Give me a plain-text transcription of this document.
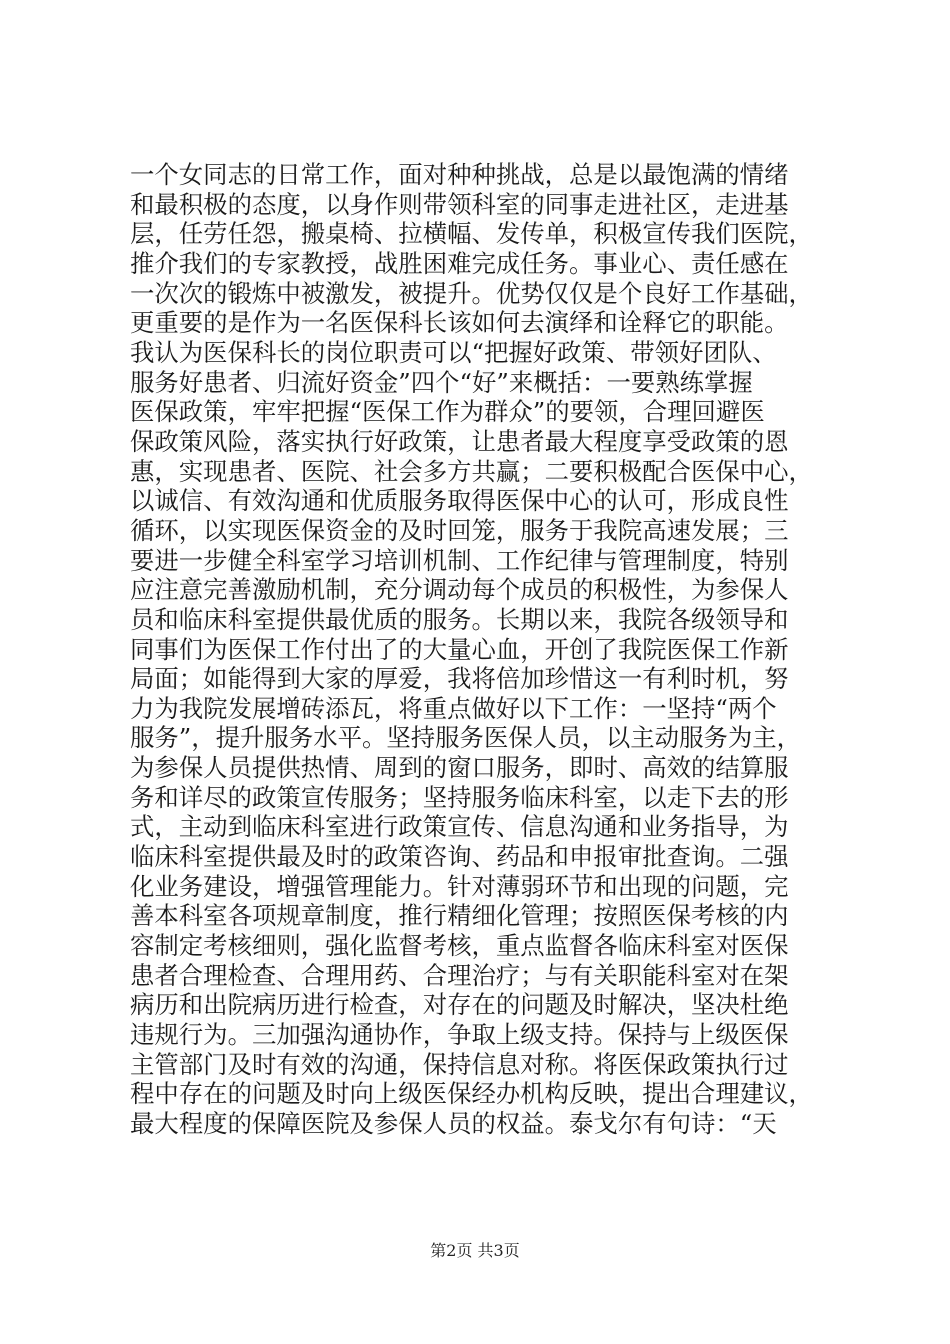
一个女同志的日常工作，面对种种挑战，总是以最饱满的情绪
和最积极的态度，以身作则带领科室的同事走进社区，走进基
层，任劳任怨，搬桌椅、拉横幅、发传单，积极宣传我们医院，
推介我们的专家教授，战胜困难完成任务。事业心、责任感在
一次次的锻炼中被激发，被提升。优势仅仅是个良好工作基础，
更重要的是作为一名医保科长该如何去演绎和诠释它的职能。
我认为医保科长的岗位职责可以“把握好政策、带领好团队、
服务好患者、归流好资金”四个“好”来概括：一要熟练掌握
医保政策，牢牢把握“医保工作为群众”的要领，合理回避医
保政策风险，落实执行好政策，让患者最大程度享受政策的恩
惠，实现患者、医院、社会多方共赢；二要积极配合医保中心，
以诚信、有效沟通和优质服务取得医保中心的认可，形成良性
循环，以实现医保资金的及时回笼，服务于我院高速发展；三
要进一步健全科室学习培训机制、工作纪律与管理制度，特别
应注意完善激励机制，充分调动每个成员的积极性，为参保人
员和临床科室提供最优质的服务。长期以来，我院各级领导和
同事们为医保工作付出了的大量心血，开创了我院医保工作新
局面；如能得到大家的厚爱，我将倍加珍惜这一有利时机，努
力为我院发展增砖添瓦，将重点做好以下工作：一坚持“两个
服务”，提升服务水平。坚持服务医保人员，以主动服务为主，
为参保人员提供热情、周到的窗口服务，即时、高效的结算服
务和详尽的政策宣传服务；坚持服务临床科室，以走下去的形
式，主动到临床科室进行政策宣传、信息沟通和业务指导，为
临床科室提供最及时的政策咨询、药品和申报审批查询。二强
化业务建设，增强管理能力。针对薄弱环节和出现的问题，完
善本科室各项规章制度，推行精细化管理；按照医保考核的内
容制定考核细则，强化监督考核，重点监督各临床科室对医保
患者合理检查、合理用药、合理治疗；与有关职能科室对在架
病历和出院病历进行检查，对存在的问题及时解决，坚决杜绝
违规行为。三加强沟通协作，争取上级支持。保持与上级医保
主管部门及时有效的沟通，保持信息对称。将医保政策执行过
程中存在的问题及时向上级医保经办机构反映，提出合理建议，
最大程度的保障医院及参保人员的权益。泰戈尔有句诗：“天

第2页 共3页
